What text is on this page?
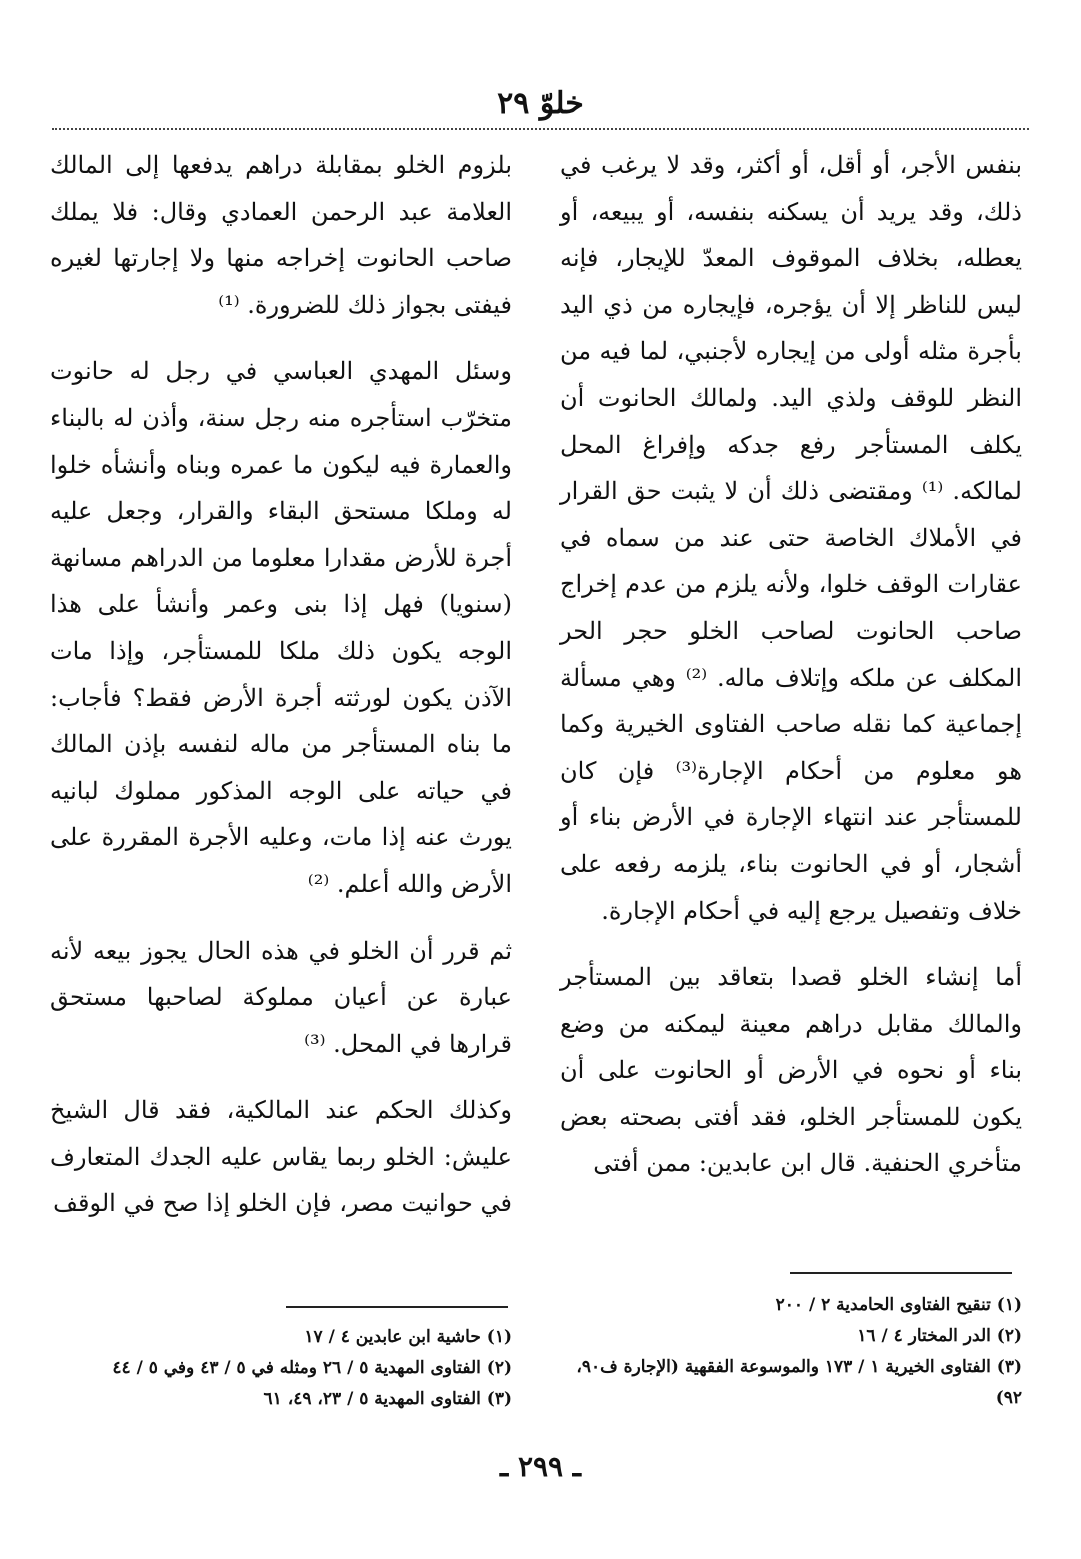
خلوّ ٢٩

بنفس الأجر، أو أقل، أو أكثر، وقد لا يرغب في ذلك، وقد يريد أن يسكنه بنفسه، أو يبيعه، أو يعطله، بخلاف الموقوف المعدّ للإيجار، فإنه ليس للناظر إلا أن يؤجره، فإيجاره من ذي اليد بأجرة مثله أولى من إيجاره لأجنبي، لما فيه من النظر للوقف ولذي اليد. ولمالك الحانوت أن يكلف المستأجر رفع جدكه وإفراغ المحل لمالكه. ⁽¹⁾ ومقتضى ذلك أن لا يثبت حق القرار في الأملاك الخاصة حتى عند من سماه في عقارات الوقف خلوا، ولأنه يلزم من عدم إخراج صاحب الحانوت لصاحب الخلو حجر الحر المكلف عن ملكه وإتلاف ماله. ⁽²⁾ وهي مسألة إجماعية كما نقله صاحب الفتاوى الخيرية وكما هو معلوم من أحكام الإجارة⁽³⁾ فإن كان للمستأجر عند انتهاء الإجارة في الأرض بناء أو أشجار، أو في الحانوت بناء، يلزمه رفعه على خلاف وتفصيل يرجع إليه في أحكام الإجارة.

أما إنشاء الخلو قصدا بتعاقد بين المستأجر والمالك مقابل دراهم معينة ليمكنه من وضع بناء أو نحوه في الأرض أو الحانوت على أن يكون للمستأجر الخلو، فقد أفتى بصحته بعض متأخري الحنفية. قال ابن عابدين: ممن أفتى

بلزوم الخلو بمقابلة دراهم يدفعها إلى المالك العلامة عبد الرحمن العمادي وقال: فلا يملك صاحب الحانوت إخراجه منها ولا إجارتها لغيره فيفتى بجواز ذلك للضرورة. ⁽¹⁾

وسئل المهدي العباسي في رجل له حانوت متخرّب استأجره منه رجل سنة، وأذن له بالبناء والعمارة فيه ليكون ما عمره وبناه وأنشأه خلوا له وملكا مستحق البقاء والقرار، وجعل عليه أجرة للأرض مقدارا معلوما من الدراهم مسانهة (سنويا) فهل إذا بنى وعمر وأنشأ على هذا الوجه يكون ذلك ملكا للمستأجر، وإذا مات الآذن يكون لورثته أجرة الأرض فقط؟ فأجاب: ما بناه المستأجر من ماله لنفسه بإذن المالك في حياته على الوجه المذكور مملوك لبانيه يورث عنه إذا مات، وعليه الأجرة المقررة على الأرض والله أعلم. ⁽²⁾

ثم قرر أن الخلو في هذه الحال يجوز بيعه لأنه عبارة عن أعيان مملوكة لصاحبها مستحق قرارها في المحل. ⁽³⁾

وكذلك الحكم عند المالكية، فقد قال الشيخ عليش: الخلو ربما يقاس عليه الجدك المتعارف في حوانيت مصر، فإن الخلو إذا صح في الوقف

(١) تنقيح الفتاوى الحامدية ٢ / ٢٠٠
(٢) الدر المختار ٤ / ١٦
(٣) الفتاوى الخيرية ١ / ١٧٣ والموسوعة الفقهية (الإجارة ف٩٠، ٩٢)
(١) حاشية ابن عابدين ٤ / ١٧
(٢) الفتاوى المهدية ٥ / ٢٦ ومثله في ٥ / ٤٣ وفي ٥ / ٤٤
(٣) الفتاوى المهدية ٥ / ٢٣، ٤٩، ٦١
ـ ٢٩٩ ـ
